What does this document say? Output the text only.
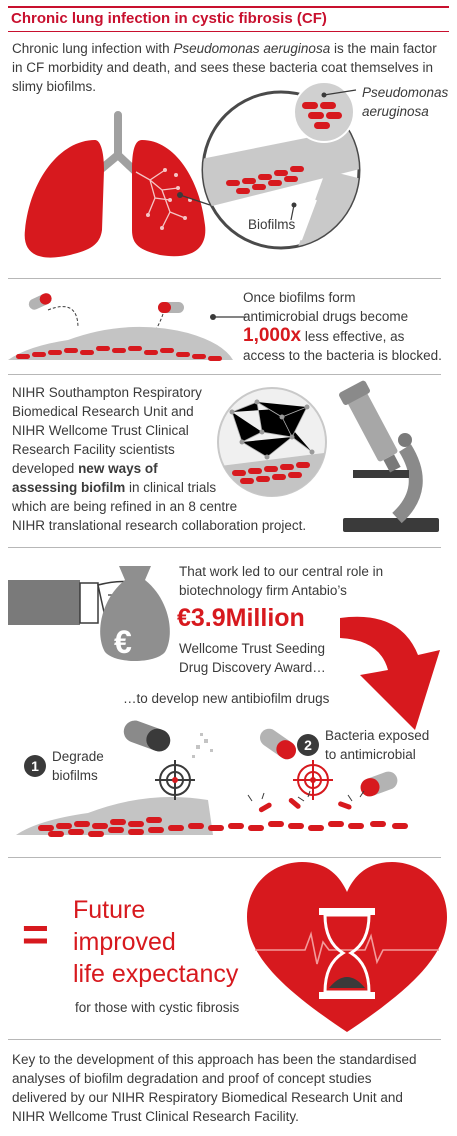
Chronic lung infection in cystic fibrosis (CF)
Chronic lung infection with Pseudomonas aeruginosa is the main factor in CF morbidity and death, and sees these bacteria coat themselves in slimy biofilms.	Pseudomonas
aeruginosa
Biofilms
Once biofilms form
antimicrobial drugs become
1,000x less effective, as
access to the bacteria is blocked.
NIHR Southampton Respiratory
Biomedical Research Unit and
NIHR Wellcome Trust Clinical
Research Facility scientists
developed new ways of
assessing biofilm in clinical trials
which are being refined in an 8 centre
NIHR translational research collaboration project.
€
That work led to our central role in
biotechnology firm Antabio’s
€3.9Million
Wellcome Trust Seeding
Drug Discovery Award…
…to develop new antibiofilm drugs
1
Degrade
biofilms
2
Bacteria exposed
to antimicrobial
= Future
improved
life expectancy
for those with cystic fibrosis
Key to the development of this approach has been the standardised
analyses of biofilm degradation and proof of concept studies
delivered by our NIHR Respiratory Biomedical Research Unit and
NIHR Wellcome Trust Clinical Research Facility.
